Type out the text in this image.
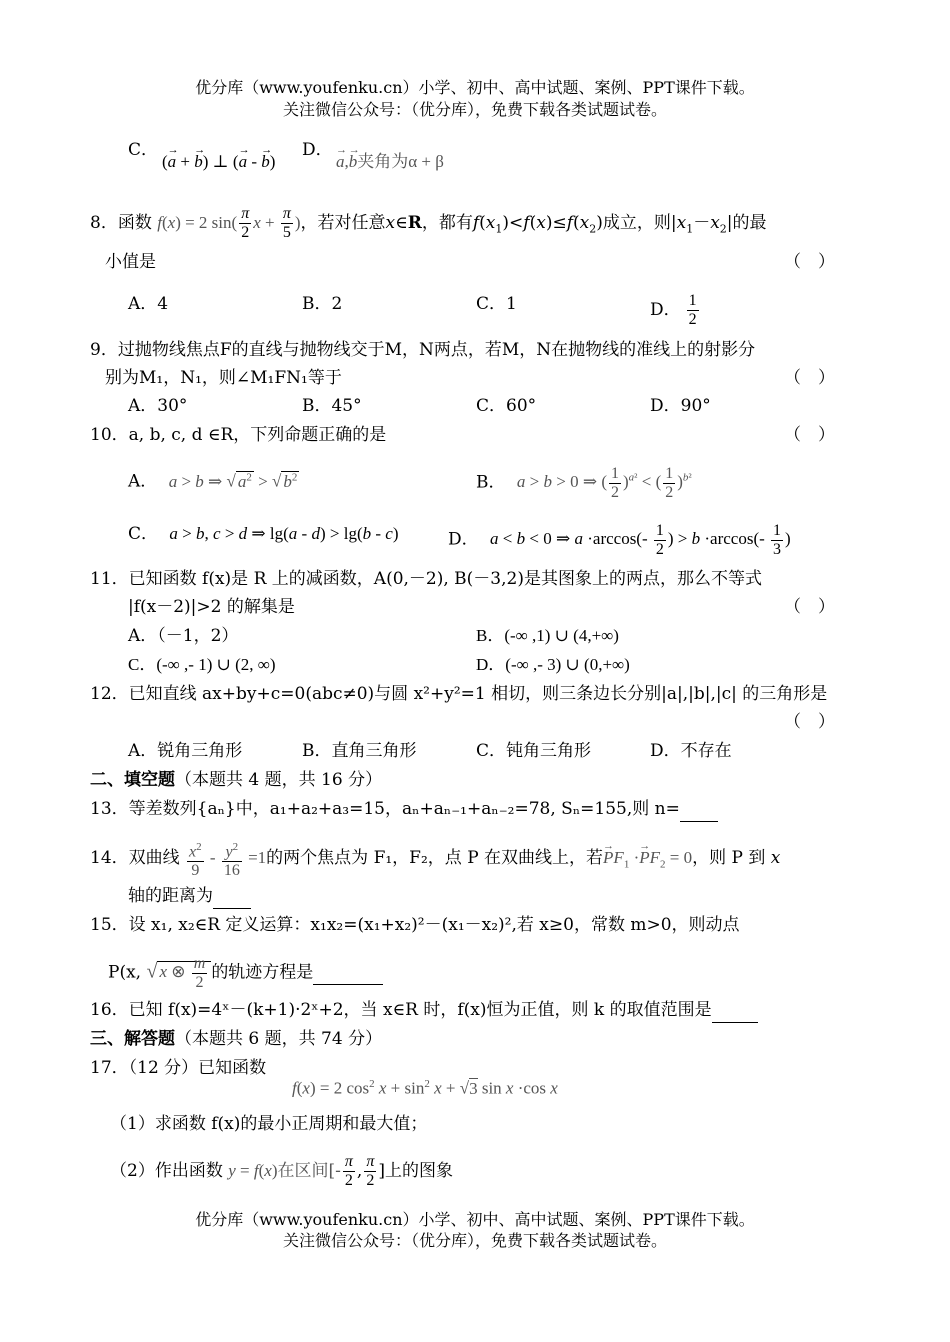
优分库（www.youfenku.cn）小学、初中、高中试题、案例、PPT课件下载。
关注微信公众号：（优分库），免费下载各类试题试卷。
C．
(→ a + → b) ⊥ (→ a - → b)
D．
→ a,→ b夹角为α + β
8．函数 f(x) = 2 $\sin( \frac{\pi}{2}$ $x + \frac{\pi}{5}$ )，若对任意x∈R，都有$f(x_1)<f(x)\le f(x_2)$成立，则$|x_1-x_2|$的最
小值是	（　）
A．4	B．2	C．1	D． $\frac{1}{2}$
9．过抛物线焦点F的直线与抛物线交于M，N两点，若M，N在抛物线的准线上的射影分
别为M₁，N₁，则∠M₁FN₁等于	（　）
A．30°	B．45°	C．60°	D．90°
10．a, b, c, d ∈R，下列命题正确的是	（　）
A． a > b ⇒ √ $a^2$ > √ $b^2$	B． a > b > 0 ⇒ ( $\frac{1}{2} )^{a^2}$ < ( $\frac{1}{2} )^{b^2}$
C． a > b, c > d ⇒ lg(a - d) > lg(b - c)	D． a < b < 0 ⇒ $a \cdot\arccos(- \frac{1}{2}$ ) > $b \cdot\arccos(- \frac{1}{3}$ )
11．已知函数 f(x)是 R 上的减函数，A(0,－2), B(－3,2)是其图象上的两点，那么不等式
|f(x－2)|>2 的解集是	（　）
A．（－1，2）	B．(-∞ ,1) ∪ (4,+∞)
C．(-∞ ,- 1) ∪ (2, ∞)	D．(-∞ ,- 3) ∪ (0,+∞)
12．已知直线 ax+by+c=0(abc≠0)与圆 x²+y²=1 相切，则三条边长分别|a|,|b|,|c| 的三角形是
（　）
A．锐角三角形	B．直角三角形	C．钝角三角形	D．不存在
二、填空题（本题共 4 题，共 16 分）
13．等差数列{aₙ}中，a₁+a₂+a₃=15，aₙ+aₙ₋₁+aₙ₋₂=78, Sₙ=155,则 n=
14．双曲线 $\frac{x^2}{9} - \frac{y^2}{16} =1$的两个焦点为 F₁，F₂，点 P 在双曲线上，若→ $PF_1 \cdot\to PF_2 = 0$，则 P 到 x
轴的距离为
15．设 x₁, x₂∈R 定义运算：x₁x₂=(x₁+x₂)²－(x₁－x₂)²,若 x≥0，常数 m>0，则动点
P(x, √ x ⊗ $\frac{m}{2}$ 的轨迹方程是
16．已知 f(x)=4ˣ－(k+1)·2ˣ+2，当 x∈R 时，f(x)恒为正值，则 k 的取值范围是
三、解答题（本题共 6 题，共 74 分）
17．（12 分）已知函数
f(x) = 2 $\cos^2 x + \sin^2 x + √3$ sin x ·cos x
（1）求函数 f(x)的最小正周期和最大值；
（2）作出函数 y = f(x)在区间[- $\frac{\pi}{2}$ , $\frac{\pi}{2}$ ]上的图象
优分库（www.youfenku.cn）小学、初中、高中试题、案例、PPT课件下载。
关注微信公众号：（优分库），免费下载各类试题试卷。
